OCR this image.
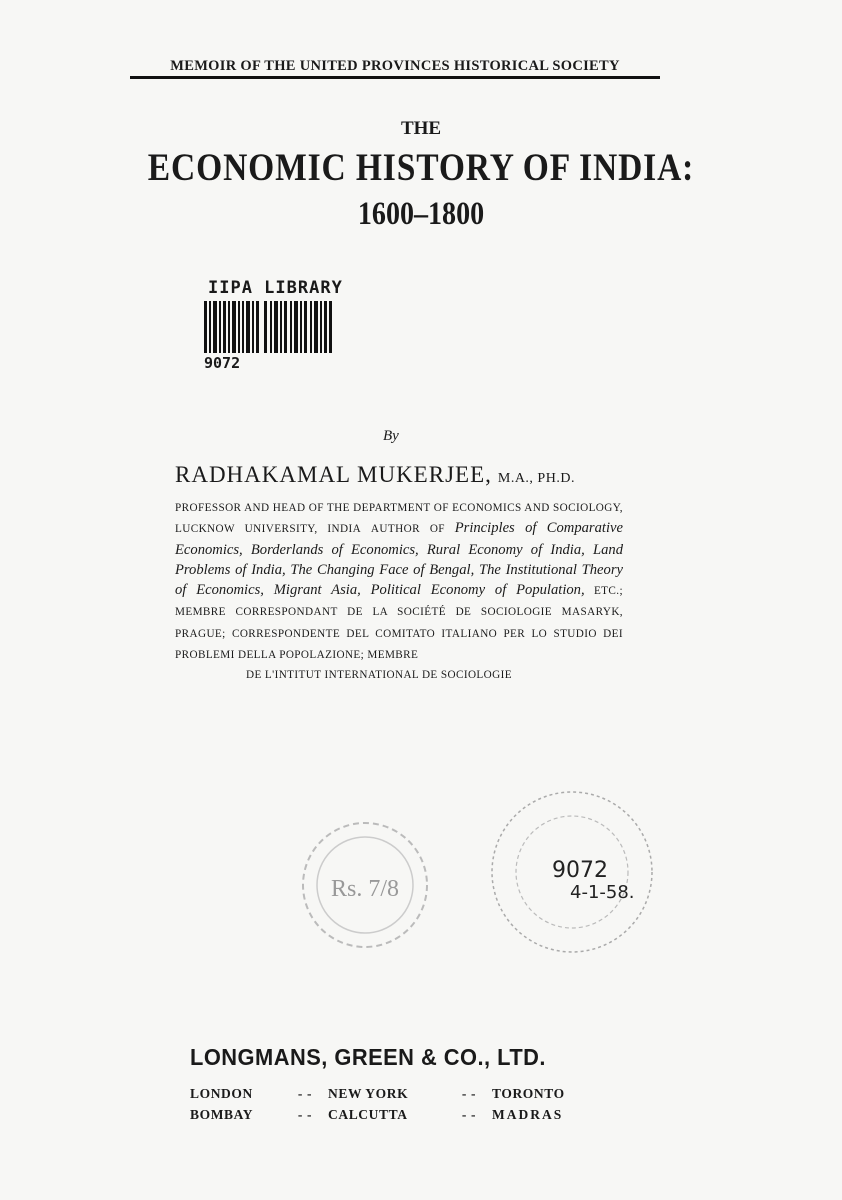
MEMOIR OF THE UNITED PROVINCES HISTORICAL SOCIETY
THE
ECONOMIC HISTORY OF INDIA:
1600–1800
IIPA LIBRARY
9072
By
RADHAKAMAL MUKERJEE, M.A., PH.D.
PROFESSOR AND HEAD OF THE DEPARTMENT OF ECONOMICS AND SOCIOLOGY, LUCKNOW UNIVERSITY, INDIA AUTHOR OF Principles of Comparative Economics, Borderlands of Economics, Rural Economy of India, Land Problems of India, The Changing Face of Bengal, The Institutional Theory of Economics, Migrant Asia, Political Economy of Population, ETC.; MEMBRE CORRESPONDANT DE LA SOCIÉTÉ DE SOCIOLOGIE MASARYK, PRAGUE; CORRESPONDENTE DEL COMITATO ITALIANO PER LO STUDIO DEI PROBLEMI DELLA POPOLAZIONE; MEMBRE
DE L'INTITUT INTERNATIONAL DE SOCIOLOGIE
Rs. 7/8
9072
4-1-58.
LONGMANS, GREEN & CO., LTD.
LONDON	- - NEW YORK	- - TORONTO
BOMBAY	- - CALCUTTA	- - MADRAS
